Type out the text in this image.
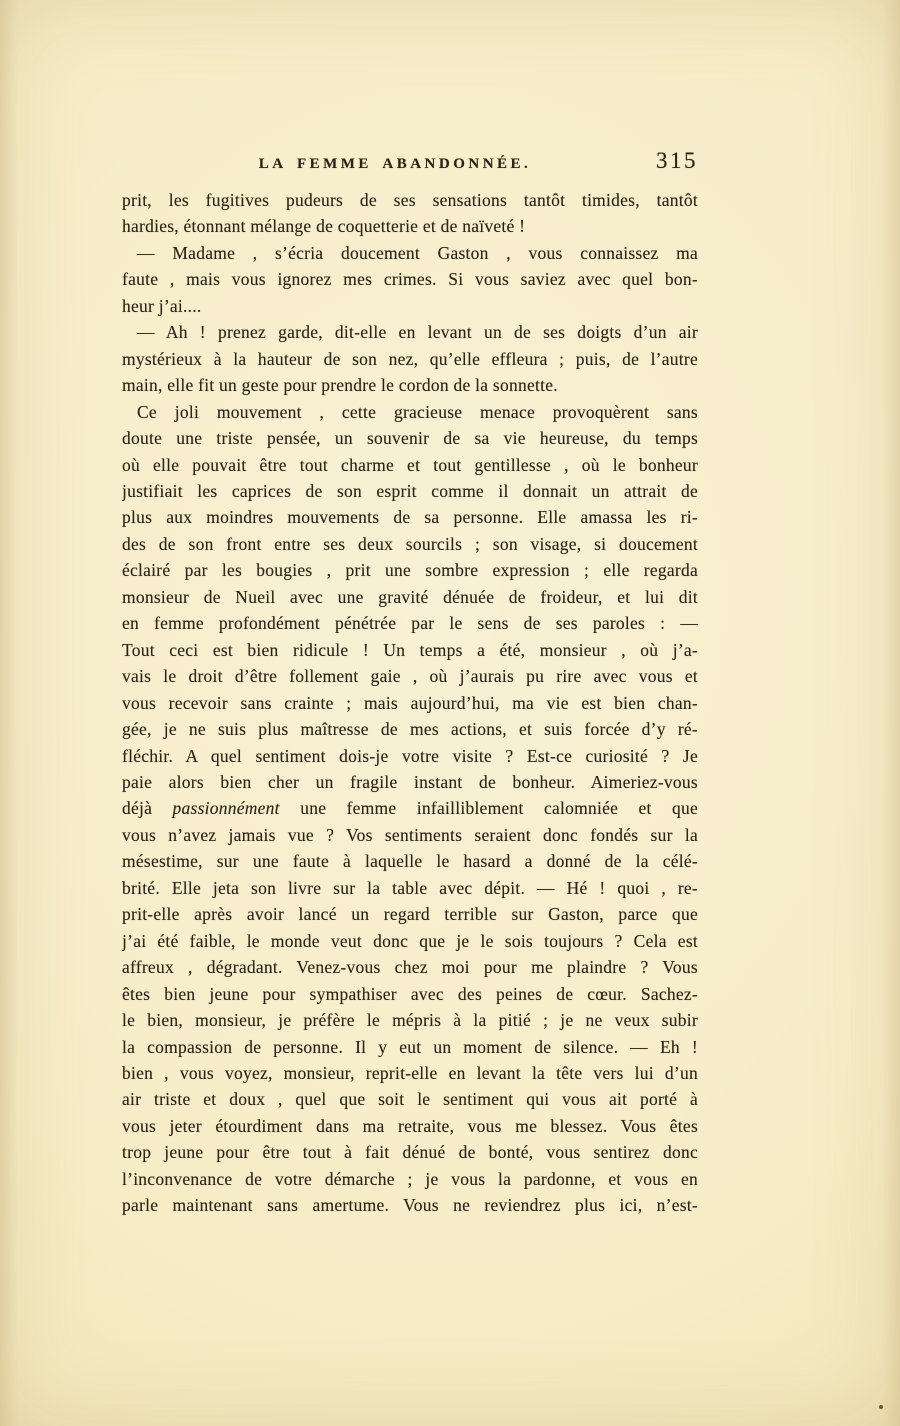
LA FEMME ABANDONNÉE.	315
prit, les fugitives pudeurs de ses sensations tantôt timides, tantôt
hardies, étonnant mélange de coquetterie et de naïveté !
— Madame , s’écria doucement Gaston , vous connaissez ma
faute , mais vous ignorez mes crimes. Si vous saviez avec quel bon-
heur j’ai....
— Ah ! prenez garde, dit-elle en levant un de ses doigts d’un air
mystérieux à la hauteur de son nez, qu’elle effleura ; puis, de l’autre
main, elle fit un geste pour prendre le cordon de la sonnette.
Ce joli mouvement , cette gracieuse menace provoquèrent sans
doute une triste pensée, un souvenir de sa vie heureuse, du temps
où elle pouvait être tout charme et tout gentillesse , où le bonheur
justifiait les caprices de son esprit comme il donnait un attrait de
plus aux moindres mouvements de sa personne. Elle amassa les ri-
des de son front entre ses deux sourcils ; son visage, si doucement
éclairé par les bougies , prit une sombre expression ; elle regarda
monsieur de Nueil avec une gravité dénuée de froideur, et lui dit
en femme profondément pénétrée par le sens de ses paroles : —
Tout ceci est bien ridicule ! Un temps a été, monsieur , où j’a-
vais le droit d’être follement gaie , où j’aurais pu rire avec vous et
vous recevoir sans crainte ; mais aujourd’hui, ma vie est bien chan-
gée, je ne suis plus maîtresse de mes actions, et suis forcée d’y ré-
fléchir. A quel sentiment dois-je votre visite ? Est-ce curiosité ? Je
paie alors bien cher un fragile instant de bonheur. Aimeriez-vous
déjà passionnément une femme infailliblement calomniée et que
vous n’avez jamais vue ? Vos sentiments seraient donc fondés sur la
mésestime, sur une faute à laquelle le hasard a donné de la célé-
brité. Elle jeta son livre sur la table avec dépit. — Hé ! quoi , re-
prit-elle après avoir lancé un regard terrible sur Gaston, parce que
j’ai été faible, le monde veut donc que je le sois toujours ? Cela est
affreux , dégradant. Venez-vous chez moi pour me plaindre ? Vous
êtes bien jeune pour sympathiser avec des peines de cœur. Sachez-
le bien, monsieur, je préfère le mépris à la pitié ; je ne veux subir
la compassion de personne. Il y eut un moment de silence. — Eh !
bien , vous voyez, monsieur, reprit-elle en levant la tête vers lui d’un
air triste et doux , quel que soit le sentiment qui vous ait porté à
vous jeter étourdiment dans ma retraite, vous me blessez. Vous êtes
trop jeune pour être tout à fait dénué de bonté, vous sentirez donc
l’inconvenance de votre démarche ; je vous la pardonne, et vous en
parle maintenant sans amertume. Vous ne reviendrez plus ici, n’est-
